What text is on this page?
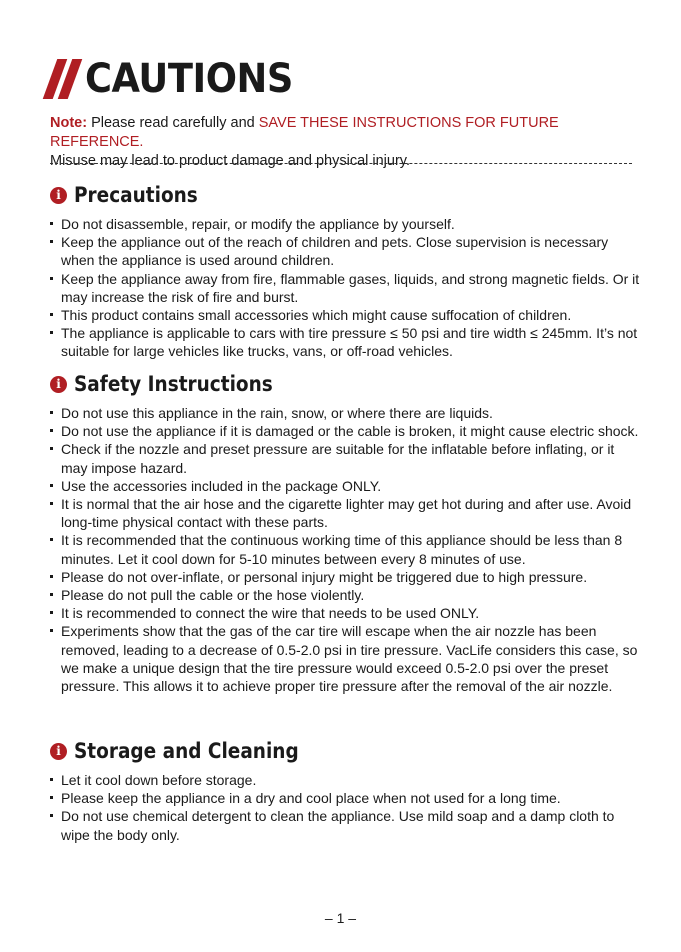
CAUTIONS
Note: Please read carefully and SAVE THESE INSTRUCTIONS FOR FUTURE REFERENCE.
Misuse may lead to product damage and physical injury.
i Precautions
Do not disassemble, repair, or modify the appliance by yourself.
Keep the appliance out of the reach of children and pets. Close supervision is necessary when the appliance is used around children.
Keep the appliance away from fire, flammable gases, liquids, and strong magnetic fields. Or it may increase the risk of fire and burst.
This product contains small accessories which might cause suffocation of children.
The appliance is applicable to cars with tire pressure ≤ 50 psi and tire width ≤ 245mm. It’s not suitable for large vehicles like trucks, vans, or off-road vehicles.
i Safety Instructions
Do not use this appliance in the rain, snow, or where there are liquids.
Do not use the appliance if it is damaged or the cable is broken, it might cause electric shock.
Check if the nozzle and preset pressure are suitable for the inflatable before inflating, or it may impose hazard.
Use the accessories included in the package ONLY.
It is normal that the air hose and the cigarette lighter may get hot during and after use. Avoid long-time physical contact with these parts.
It is recommended that the continuous working time of this appliance should be less than 8 minutes. Let it cool down for 5-10 minutes between every 8 minutes of use.
Please do not over-inflate, or personal injury might be triggered due to high pressure.
Please do not pull the cable or the hose violently.
It is recommended to connect the wire that needs to be used ONLY.
Experiments show that the gas of the car tire will escape when the air nozzle has been removed, leading to a decrease of 0.5-2.0 psi in tire pressure. VacLife considers this case, so we make a unique design that the tire pressure would exceed 0.5-2.0 psi over the preset pressure. This allows it to achieve proper tire pressure after the removal of the air nozzle.
i Storage and Cleaning
Let it cool down before storage.
Please keep the appliance in a dry and cool place when not used for a long time.
Do not use chemical detergent to clean the appliance. Use mild soap and a damp cloth to wipe the body only.
– 1 –
